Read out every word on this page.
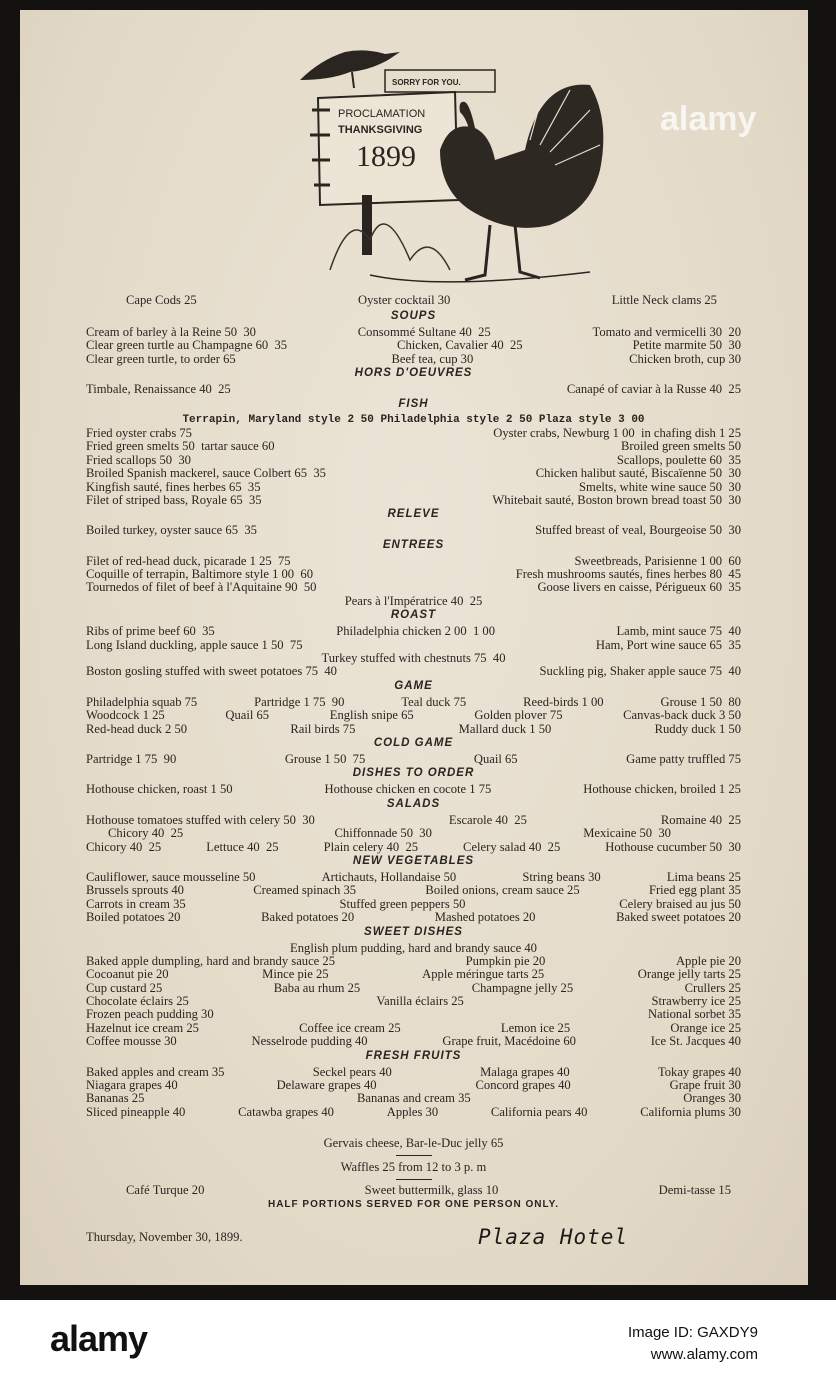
SORRY FOR YOU.
PROCLAMATION
THANKSGIVING
1899
alamy
Cape Cods 25	Oyster cocktail 30	Little Neck clams 25
SOUPS
Cream of barley à la Reine 50  30	Consommé Sultane 40  25	Tomato and vermicelli 30  20
Clear green turtle au Champagne 60  35	Chicken, Cavalier 40  25	Petite marmite 50  30
Clear green turtle, to order 65	Beef tea, cup 30	Chicken broth, cup 30
HORS D'OEUVRES
Timbale, Renaissance 40  25	Canapé of caviar à la Russe 40  25
FISH
Terrapin, Maryland style 2 50 Philadelphia style 2 50 Plaza style 3 00
Fried oyster crabs 75	Oyster crabs, Newburg 1 00  in chafing dish 1 25
Fried green smelts 50  tartar sauce 60	Broiled green smelts 50
Fried scallops 50  30	Scallops, poulette 60  35
Broiled Spanish mackerel, sauce Colbert 65  35	Chicken halibut sauté, Biscaïenne 50  30
Kingfish sauté, fines herbes 65  35	Smelts, white wine sauce 50  30
Filet of striped bass, Royale 65  35	Whitebait sauté, Boston brown bread toast 50  30
RELEVE
Boiled turkey, oyster sauce 65  35	Stuffed breast of veal, Bourgeoise 50  30
ENTREES
Filet of red-head duck, picarade 1 25  75	Sweetbreads, Parisienne 1 00  60
Coquille of terrapin, Baltimore style 1 00  60	Fresh mushrooms sautés, fines herbes 80  45
Tournedos of filet of beef à l'Aquitaine 90  50	Goose livers en caisse, Périgueux 60  35
Pears à l'Impératrice 40  25
ROAST
Ribs of prime beef 60  35	Philadelphia chicken 2 00  1 00	Lamb, mint sauce 75  40
Long Island duckling, apple sauce 1 50  75	Ham, Port wine sauce 65  35
Turkey stuffed with chestnuts 75  40
Boston gosling stuffed with sweet potatoes 75  40	Suckling pig, Shaker apple sauce 75  40
GAME
Philadelphia squab 75	Partridge 1 75  90	Teal duck 75	Reed-birds 1 00	Grouse 1 50  80
Woodcock 1 25	Quail 65	English snipe 65	Golden plover 75	Canvas-back duck 3 50
Red-head duck 2 50	Rail birds 75	Mallard duck 1 50	Ruddy duck 1 50
COLD GAME
Partridge 1 75  90	Grouse 1 50  75	Quail 65	Game patty truffled 75
DISHES TO ORDER
Hothouse chicken, roast 1 50	Hothouse chicken en cocote 1 75	Hothouse chicken, broiled 1 25
SALADS
Hothouse tomatoes stuffed with celery 50  30	Escarole 40  25	Romaine 40  25
Chicory 40  25	Chiffonnade 50  30	Mexicaine 50  30
Chicory 40  25	Lettuce 40  25	Plain celery 40  25	Celery salad 40  25	Hothouse cucumber 50  30
NEW VEGETABLES
Cauliflower, sauce mousseline 50	Artichauts, Hollandaise 50	String beans 30	Lima beans 25
Brussels sprouts 40	Creamed spinach 35	Boiled onions, cream sauce 25	Fried egg plant 35
Carrots in cream 35	Stuffed green peppers 50	Celery braised au jus 50
Boiled potatoes 20	Baked potatoes 20	Mashed potatoes 20	Baked sweet potatoes 20
SWEET DISHES
English plum pudding, hard and brandy sauce 40
Baked apple dumpling, hard and brandy sauce 25	Pumpkin pie 20	Apple pie 20
Cocoanut pie 20	Mince pie 25	Apple méringue tarts 25	Orange jelly tarts 25
Cup custard 25	Baba au rhum 25	Champagne jelly 25	Crullers 25
Chocolate éclairs 25	Vanilla éclairs 25	Strawberry ice 25
Frozen peach pudding 30	National sorbet 35
Hazelnut ice cream 25	Coffee ice cream 25	Lemon ice 25	Orange ice 25
Coffee mousse 30	Nesselrode pudding 40	Grape fruit, Macédoine 60	Ice St. Jacques 40
FRESH FRUITS
Baked apples and cream 35	Seckel pears 40	Malaga grapes 40	Tokay grapes 40
Niagara grapes 40	Delaware grapes 40	Concord grapes 40	Grape fruit 30
Bananas 25	Bananas and cream 35	Oranges 30
Sliced pineapple 40	Catawba grapes 40	Apples 30	California pears 40	California plums 30
Gervais cheese, Bar-le-Duc jelly 65
Waffles 25 from 12 to 3 p. m
Café Turque 20	Sweet buttermilk, glass 10	Demi-tasse 15
HALF PORTIONS SERVED FOR ONE PERSON ONLY.
Thursday, November 30, 1899.	Plaza Hotel
alamy	Image ID: GAXDY9
www.alamy.com
